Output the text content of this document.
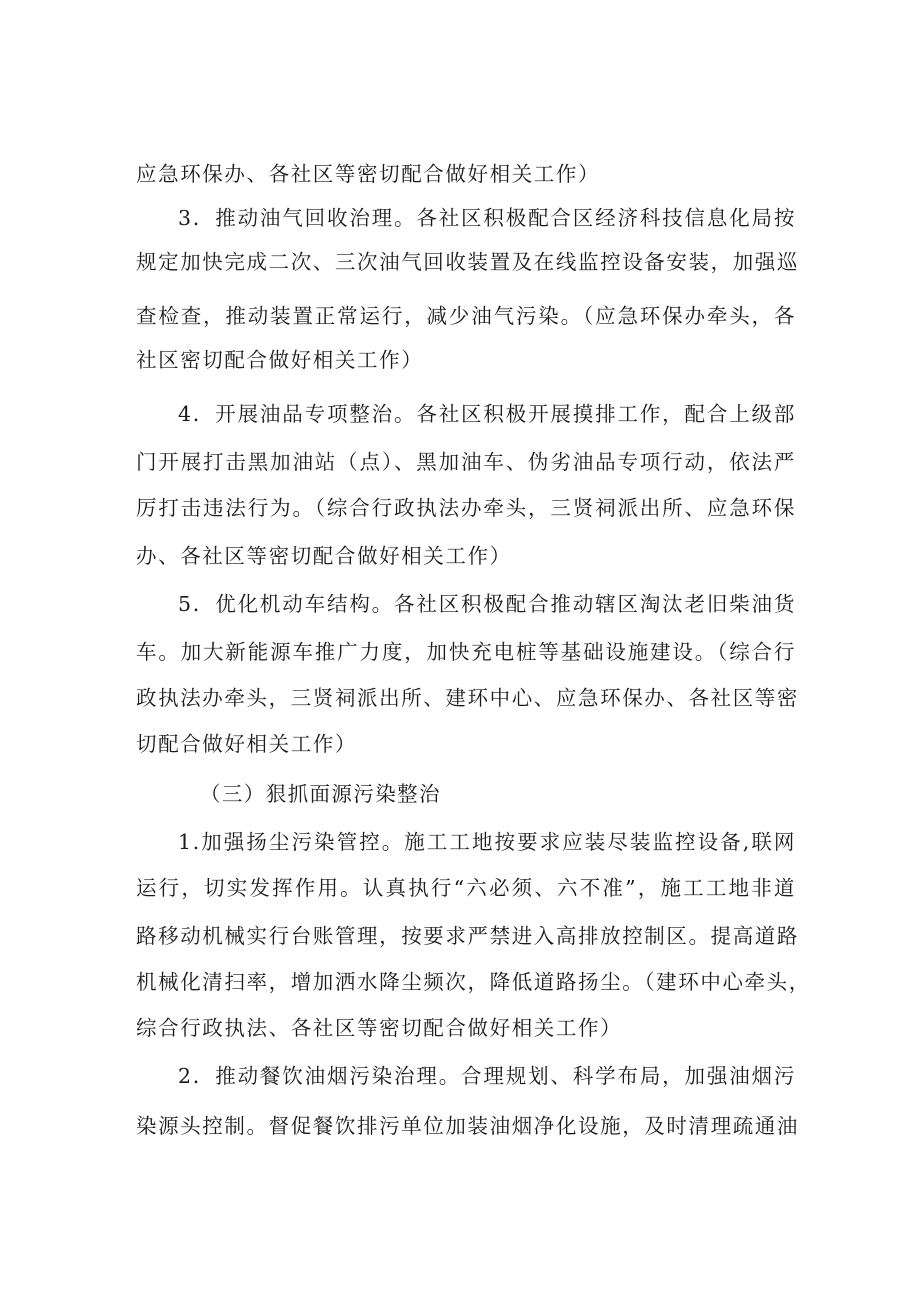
应急环保办、各社区等密切配合做好相关工作）
3．推动油气回收治理。各社区积极配合区经济科技信息化局按
规定加快完成二次、三次油气回收装置及在线监控设备安装，加强巡
查检查，推动装置正常运行，减少油气污染。（应急环保办牵头，各
社区密切配合做好相关工作）
4．开展油品专项整治。各社区积极开展摸排工作，配合上级部
门开展打击黑加油站（点）、黑加油车、伪劣油品专项行动，依法严
厉打击违法行为。（综合行政执法办牵头，三贤祠派出所、应急环保
办、各社区等密切配合做好相关工作）
5．优化机动车结构。各社区积极配合推动辖区淘汰老旧柴油货
车。加大新能源车推广力度，加快充电桩等基础设施建设。（综合行
政执法办牵头，三贤祠派出所、建环中心、应急环保办、各社区等密
切配合做好相关工作）
（三）狠抓面源污染整治
1.加强扬尘污染管控。施工工地按要求应装尽装监控设备,联网
运行，切实发挥作用。认真执行“六必须、六不准”，施工工地非道
路移动机械实行台账管理，按要求严禁进入高排放控制区。提高道路
机械化清扫率，增加洒水降尘频次，降低道路扬尘。（建环中心牵头，
综合行政执法、各社区等密切配合做好相关工作）
2．推动餐饮油烟污染治理。合理规划、科学布局，加强油烟污
染源头控制。督促餐饮排污单位加装油烟净化设施，及时清理疏通油
